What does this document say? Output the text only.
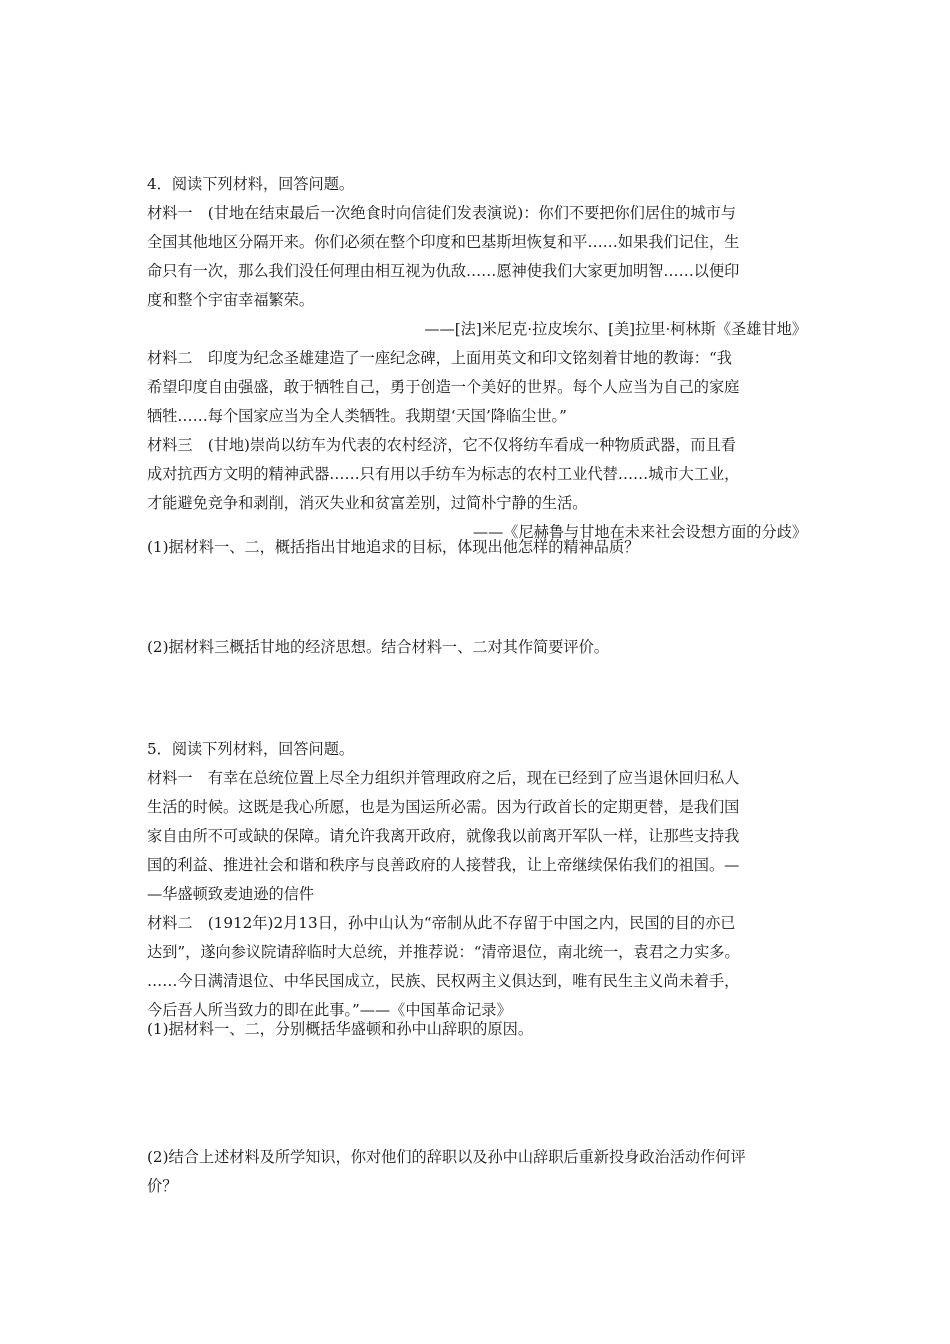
4．阅读下列材料，回答问题。
材料一　(甘地在结束最后一次绝食时向信徒们发表演说)：你们不要把你们居住的城市与
全国其他地区分隔开来。你们必须在整个印度和巴基斯坦恢复和平……如果我们记住，生
命只有一次，那么我们没任何理由相互视为仇敌……愿神使我们大家更加明智……以便印
度和整个宇宙幸福繁荣。
——[法]米尼克·拉皮埃尔、[美]拉里·柯林斯《圣雄甘地》
材料二　印度为纪念圣雄建造了一座纪念碑，上面用英文和印文铭刻着甘地的教诲：“我
希望印度自由强盛，敢于牺牲自己，勇于创造一个美好的世界。每个人应当为自己的家庭
牺牲……每个国家应当为全人类牺牲。我期望‘天国’降临尘世。”
材料三　(甘地)崇尚以纺车为代表的农村经济，它不仅将纺车看成一种物质武器，而且看
成对抗西方文明的精神武器……只有用以手纺车为标志的农村工业代替……城市大工业，
才能避免竞争和剥削，消灭失业和贫富差别，过简朴宁静的生活。
——《尼赫鲁与甘地在未来社会设想方面的分歧》
(1)据材料一、二，概括指出甘地追求的目标，体现出他怎样的精神品质？
(2)据材料三概括甘地的经济思想。结合材料一、二对其作简要评价。
5．阅读下列材料，回答问题。
材料一　有幸在总统位置上尽全力组织并管理政府之后，现在已经到了应当退休回归私人
生活的时候。这既是我心所愿，也是为国运所必需。因为行政首长的定期更替，是我们国
家自由所不可或缺的保障。请允许我离开政府，就像我以前离开军队一样，让那些支持我
国的利益、推进社会和谐和秩序与良善政府的人接替我，让上帝继续保佑我们的祖国。—
—华盛顿致麦迪逊的信件
材料二　(1912年)2月13日，孙中山认为“帝制从此不存留于中国之内，民国的目的亦已
达到”，遂向参议院请辞临时大总统，并推荐说：“清帝退位，南北统一，袁君之力实多。
……今日满清退位、中华民国成立，民族、民权两主义俱达到，唯有民生主义尚未着手，
今后吾人所当致力的即在此事。”——《中国革命记录》
(1)据材料一、二，分别概括华盛顿和孙中山辞职的原因。
(2)结合上述材料及所学知识，你对他们的辞职以及孙中山辞职后重新投身政治活动作何评
价？
